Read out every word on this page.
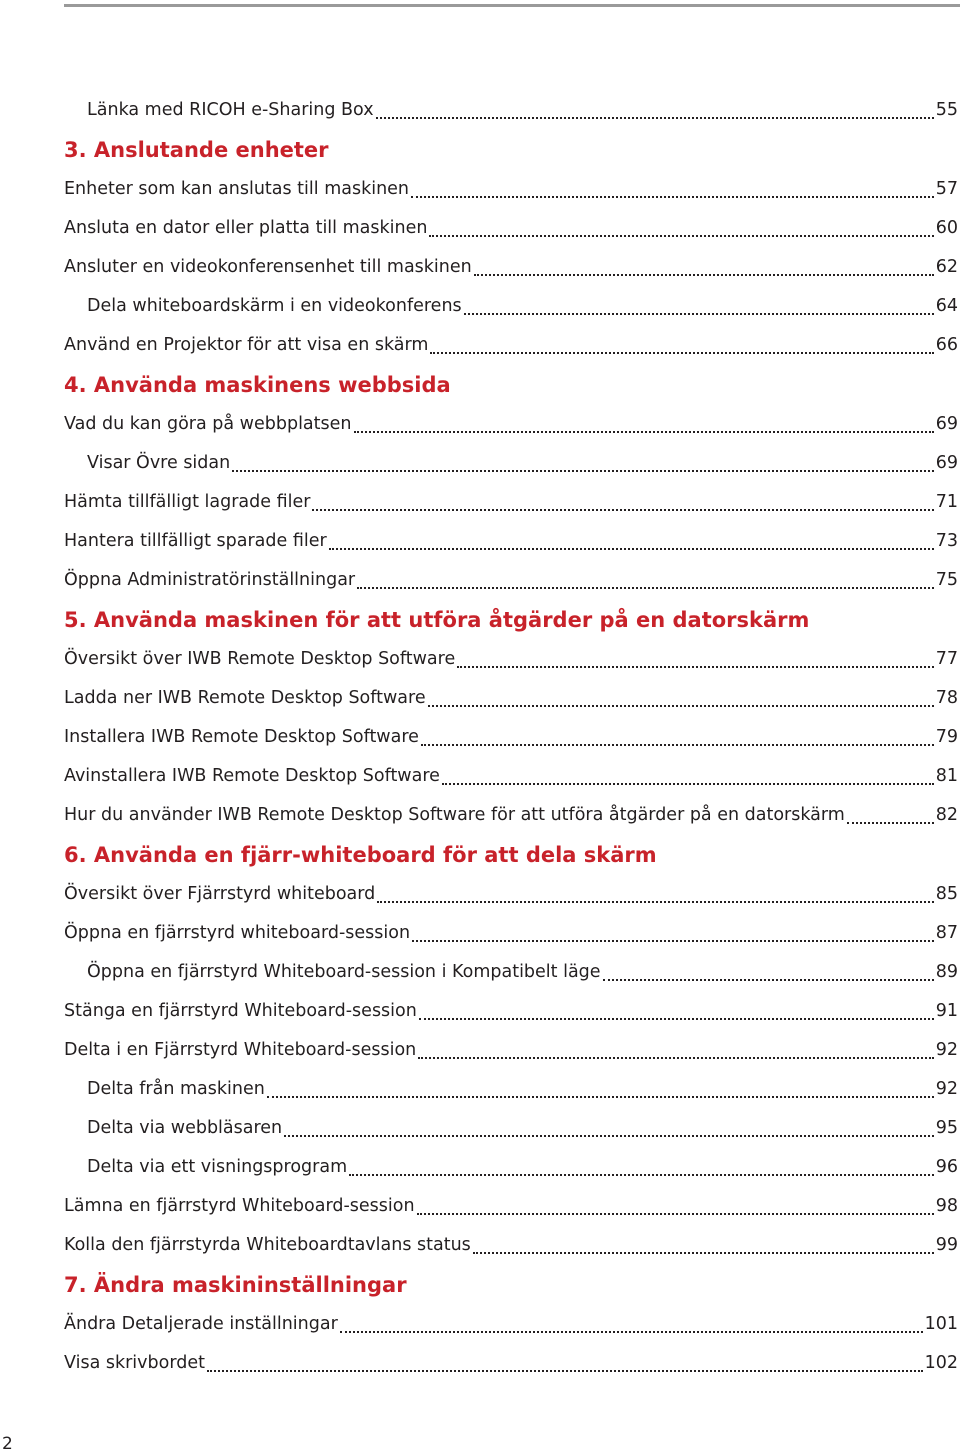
Länka med RICOH e-Sharing Box	55
3. Anslutande enheter
Enheter som kan anslutas till maskinen	57
Ansluta en dator eller platta till maskinen	60
Ansluter en videokonferensenhet till maskinen	62
Dela whiteboardskärm i en videokonferens	64
Använd en Projektor för att visa en skärm	66
4. Använda maskinens webbsida
Vad du kan göra på webbplatsen	69
Visar Övre sidan	69
Hämta tillfälligt lagrade filer	71
Hantera tillfälligt sparade filer	73
Öppna Administratörinställningar	75
5. Använda maskinen för att utföra åtgärder på en datorskärm
Översikt över IWB Remote Desktop Software	77
Ladda ner IWB Remote Desktop Software	78
Installera IWB Remote Desktop Software	79
Avinstallera IWB Remote Desktop Software	81
Hur du använder IWB Remote Desktop Software för att utföra åtgärder på en datorskärm	82
6. Använda en fjärr-whiteboard för att dela skärm
Översikt över Fjärrstyrd whiteboard	85
Öppna en fjärrstyrd whiteboard-session	87
Öppna en fjärrstyrd Whiteboard-session i Kompatibelt läge	89
Stänga en fjärrstyrd Whiteboard-session	91
Delta i en Fjärrstyrd Whiteboard-session	92
Delta från maskinen	92
Delta via webbläsaren	95
Delta via ett visningsprogram	96
Lämna en fjärrstyrd Whiteboard-session	98
Kolla den fjärrstyrda Whiteboardtavlans status	99
7. Ändra maskininställningar
Ändra Detaljerade inställningar	101
Visa skrivbordet	102
2
